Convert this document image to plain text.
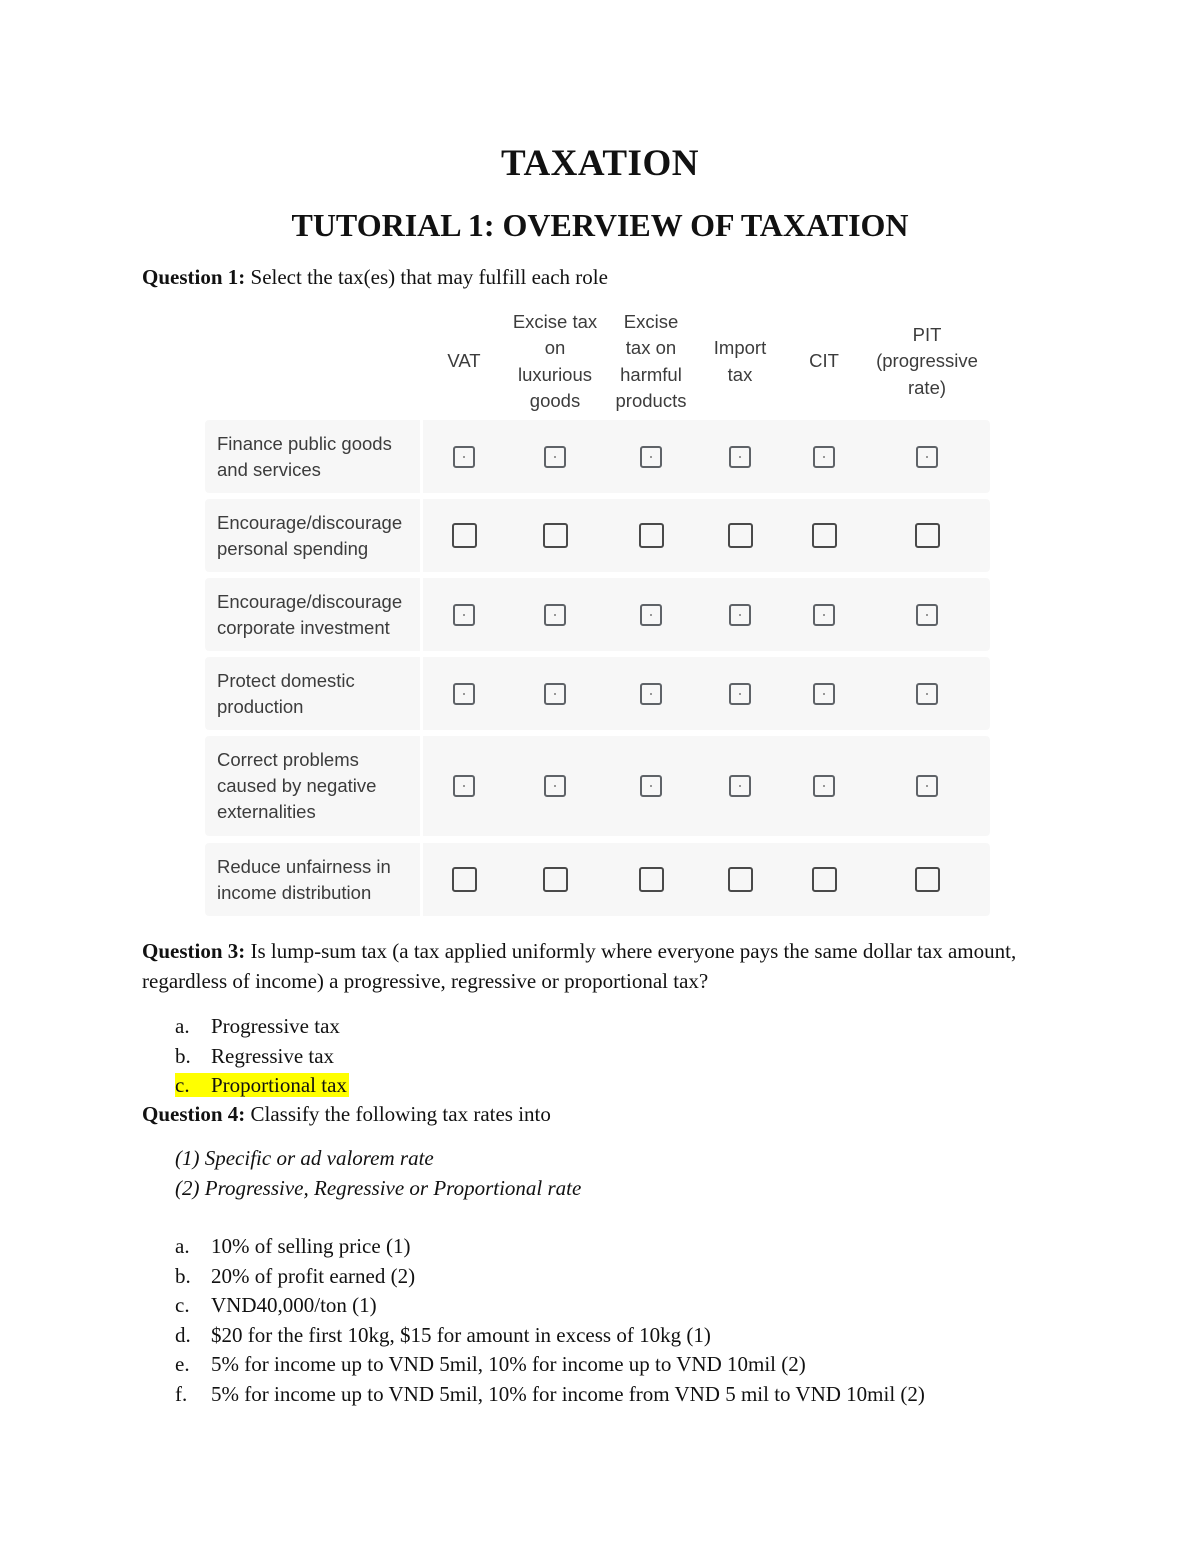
TAXATION
TUTORIAL 1: OVERVIEW OF TAXATION
Question 1: Select the tax(es) that may fulfill each role
VAT
Excise tax
on
luxurious
goods
Excise
tax on
harmful
products
Import
tax
CIT
PIT
(progressive
rate)
Finance public goods
and services
Encourage/discourage
personal spending
Encourage/discourage
corporate investment
Protect domestic
production
Correct problems
caused by negative
externalities
Reduce unfairness in
income distribution
Question 3: Is lump-sum tax (a tax applied uniformly where everyone pays the same dollar tax amount, regardless of income) a progressive, regressive or proportional tax?
a. Progressive tax
b. Regressive tax
c. Proportional tax
Question 4: Classify the following tax rates into
(1) Specific or ad valorem rate
(2) Progressive, Regressive or Proportional rate
a. 10% of selling price (1)
b. 20% of profit earned (2)
c. VND40,000/ton (1)
d. $20 for the first 10kg, $15 for amount in excess of 10kg (1)
e. 5% for income up to VND 5mil, 10% for income up to VND 10mil (2)
f. 5% for income up to VND 5mil, 10% for income from VND 5 mil to VND 10mil (2)
